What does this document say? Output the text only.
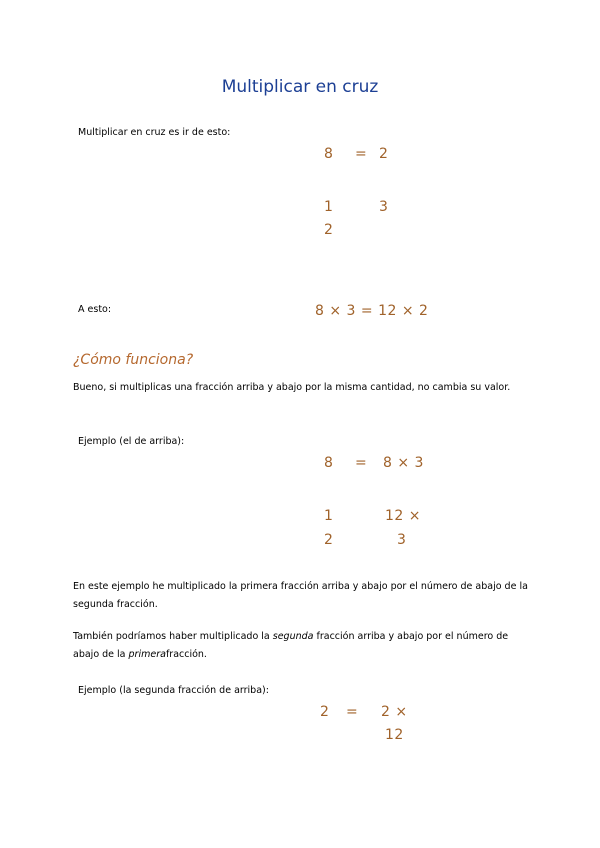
Multiplicar en cruz
Multiplicar en cruz es ir de esto:
8 = 2
1	3
2
A esto:	8 × 3 = 12 × 2
¿Cómo funciona?
Bueno, si multiplicas una fracción arriba y abajo por la misma cantidad, no cambia su valor.
Ejemplo (el de arriba):
8 = 8 × 3
1	12 ×
2	3
En este ejemplo he multiplicado la primera fracción arriba y abajo por el número de abajo de la segunda fracción.
También podríamos haber multiplicado la segunda fracción arriba y abajo por el número de abajo de la primerafracción.
Ejemplo (la segunda fracción de arriba):
2 = 2 ×
12
